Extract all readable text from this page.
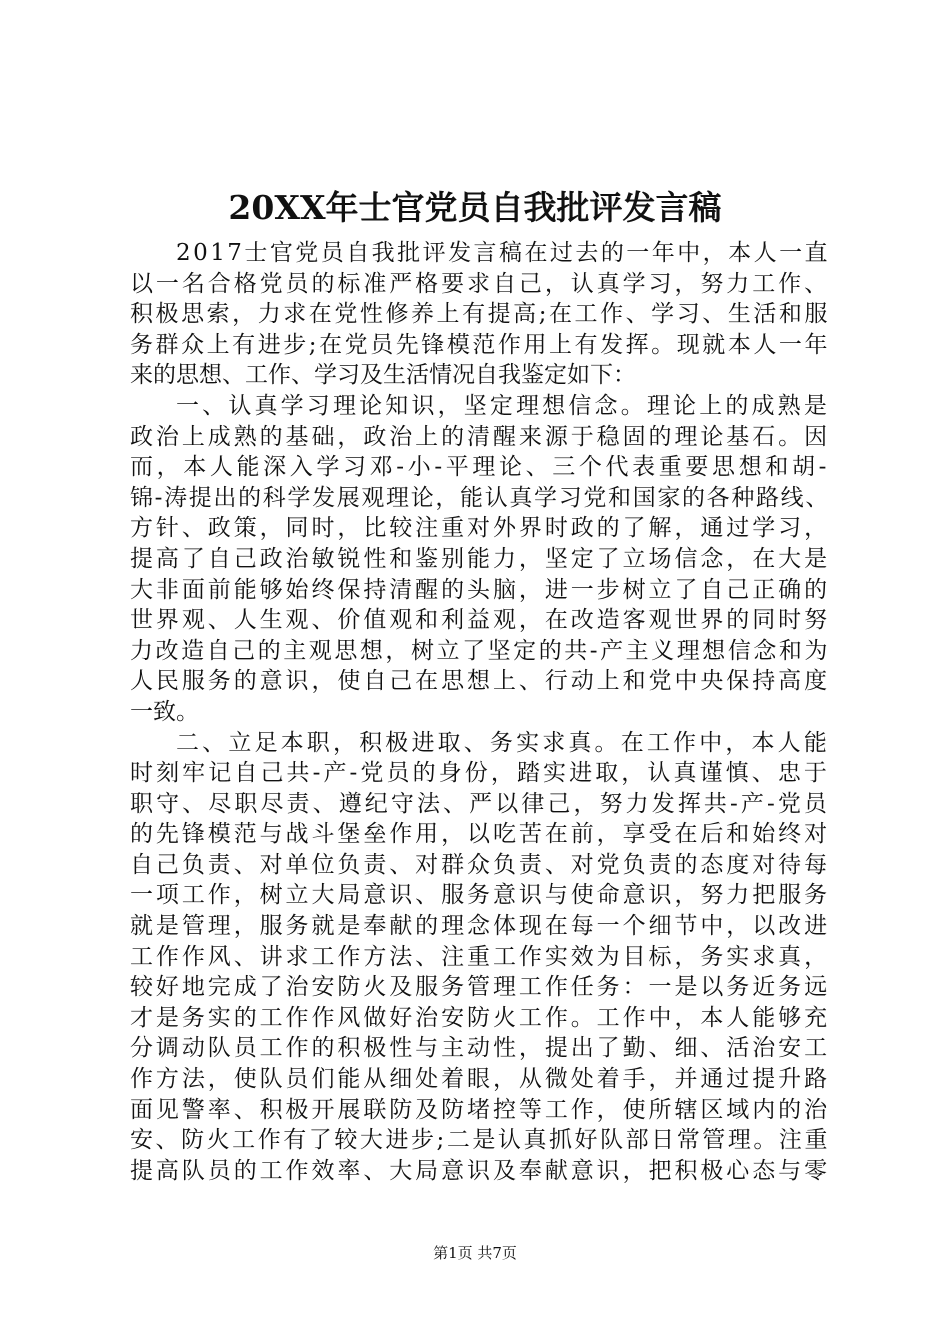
20XX年士官党员自我批评发言稿
2017士官党员自我批评发言稿在过去的一年中，本人一直
以一名合格党员的标准严格要求自己，认真学习，努力工作、
积极思索，力求在党性修养上有提高;在工作、学习、生活和服
务群众上有进步;在党员先锋模范作用上有发挥。现就本人一年
来的思想、工作、学习及生活情况自我鉴定如下：
一、认真学习理论知识，坚定理想信念。理论上的成熟是
政治上成熟的基础，政治上的清醒来源于稳固的理论基石。因
而，本人能深入学习邓-小-平理论、三个代表重要思想和胡-
锦-涛提出的科学发展观理论，能认真学习党和国家的各种路线、
方针、政策，同时，比较注重对外界时政的了解，通过学习，
提高了自己政治敏锐性和鉴别能力，坚定了立场信念，在大是
大非面前能够始终保持清醒的头脑，进一步树立了自己正确的
世界观、人生观、价值观和利益观，在改造客观世界的同时努
力改造自己的主观思想，树立了坚定的共-产主义理想信念和为
人民服务的意识，使自己在思想上、行动上和党中央保持高度
一致。
二、立足本职，积极进取、务实求真。在工作中，本人能
时刻牢记自己共-产-党员的身份，踏实进取，认真谨慎、忠于
职守、尽职尽责、遵纪守法、严以律己，努力发挥共-产-党员
的先锋模范与战斗堡垒作用，以吃苦在前，享受在后和始终对
自己负责、对单位负责、对群众负责、对党负责的态度对待每
一项工作，树立大局意识、服务意识与使命意识，努力把服务
就是管理，服务就是奉献的理念体现在每一个细节中，以改进
工作作风、讲求工作方法、注重工作实效为目标，务实求真，
较好地完成了治安防火及服务管理工作任务：一是以务近务远
才是务实的工作作风做好治安防火工作。工作中，本人能够充
分调动队员工作的积极性与主动性，提出了勤、细、活治安工
作方法，使队员们能从细处着眼，从微处着手，并通过提升路
面见警率、积极开展联防及防堵控等工作，使所辖区域内的治
安、防火工作有了较大进步;二是认真抓好队部日常管理。注重
提高队员的工作效率、大局意识及奉献意识，把积极心态与零
第1页 共7页
